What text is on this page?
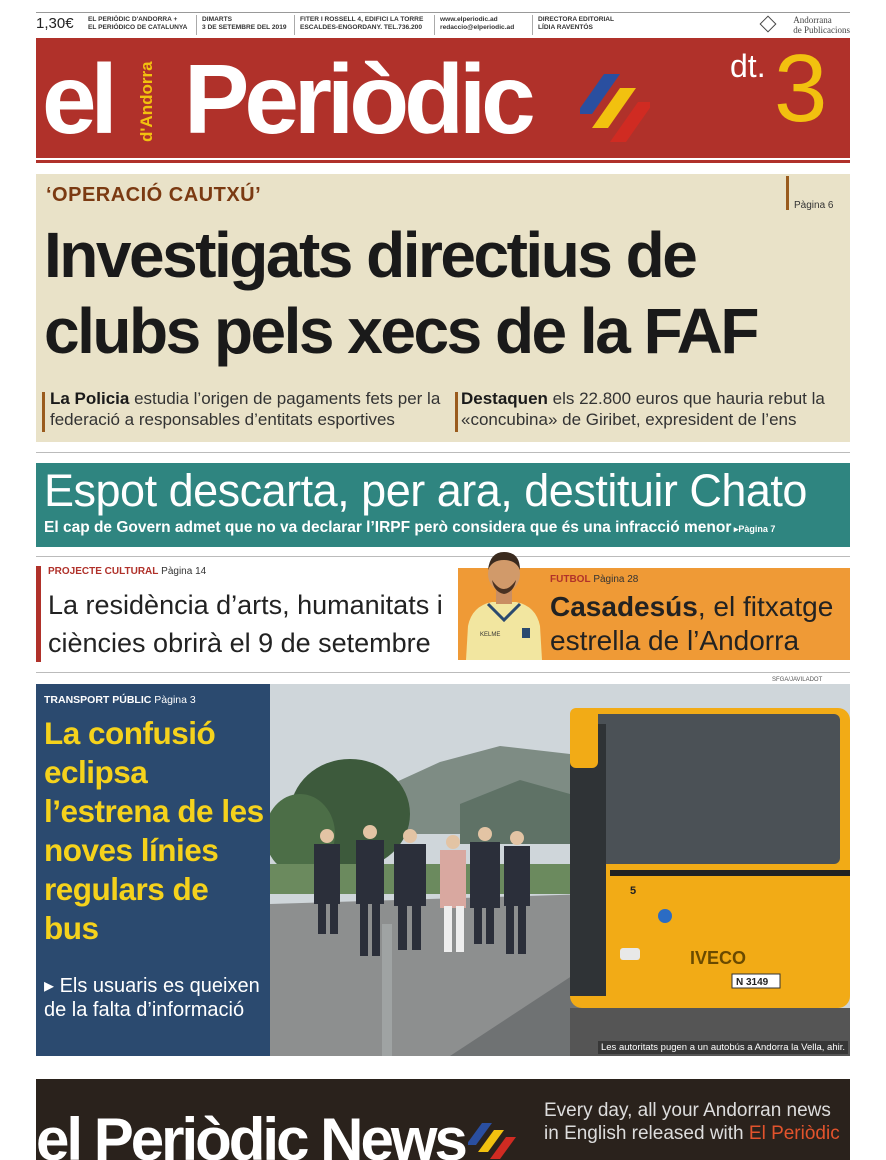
1,30€ EL PERIÒDIC D'ANDORRA +
EL PERIÓDICO DE CATALUNYA
DIMARTS
3 DE SETEMBRE DEL 2019
FITER I ROSSELL 4, EDIFICI LA TORRE
ESCALDES-ENGORDANY. TEL.736.200
www.elperiodic.ad
redaccio@elperiodic.ad
DIRECTORA EDITORIAL
LÍDIA RAVENTÓS
Andorrana
de Publicacions
el d'Andorra Periòdic	dt. 3
‘OPERACIÓ CAUTXÚ’	Pàgina 6
Investigats directius de
clubs pels xecs de la FAF
La Policia estudia l’origen de pagaments fets per la federació a responsables d’entitats esportives
Destaquen els 22.800 euros que hauria rebut la «concubina» de Giribet, expresident de l’ens
Espot descarta, per ara, destituir Chato
El cap de Govern admet que no va declarar l’IRPF però considera que és una infracció menor ▸Pàgina 7
PROJECTE CULTURAL Pàgina 14
La residència d’arts, humanitats i ciències obrirà el 9 de setembre	KELME
FUTBOL Pàgina 28
Casadesús, el fitxatge estrella de l’Andorra
SFGA/JAVILADOT
TRANSPORT PÚBLIC Pàgina 3
La confusió eclipsa l’estrena de les noves línies regulars de bus
▸ Els usuaris es queixen de la falta d’informació
IVECO
N 3149
5
Les autoritats pugen a un autobús a Andorra la Vella, ahir.
el Periòdic News	Every day, all your Andorran news in English released with El Periòdic
